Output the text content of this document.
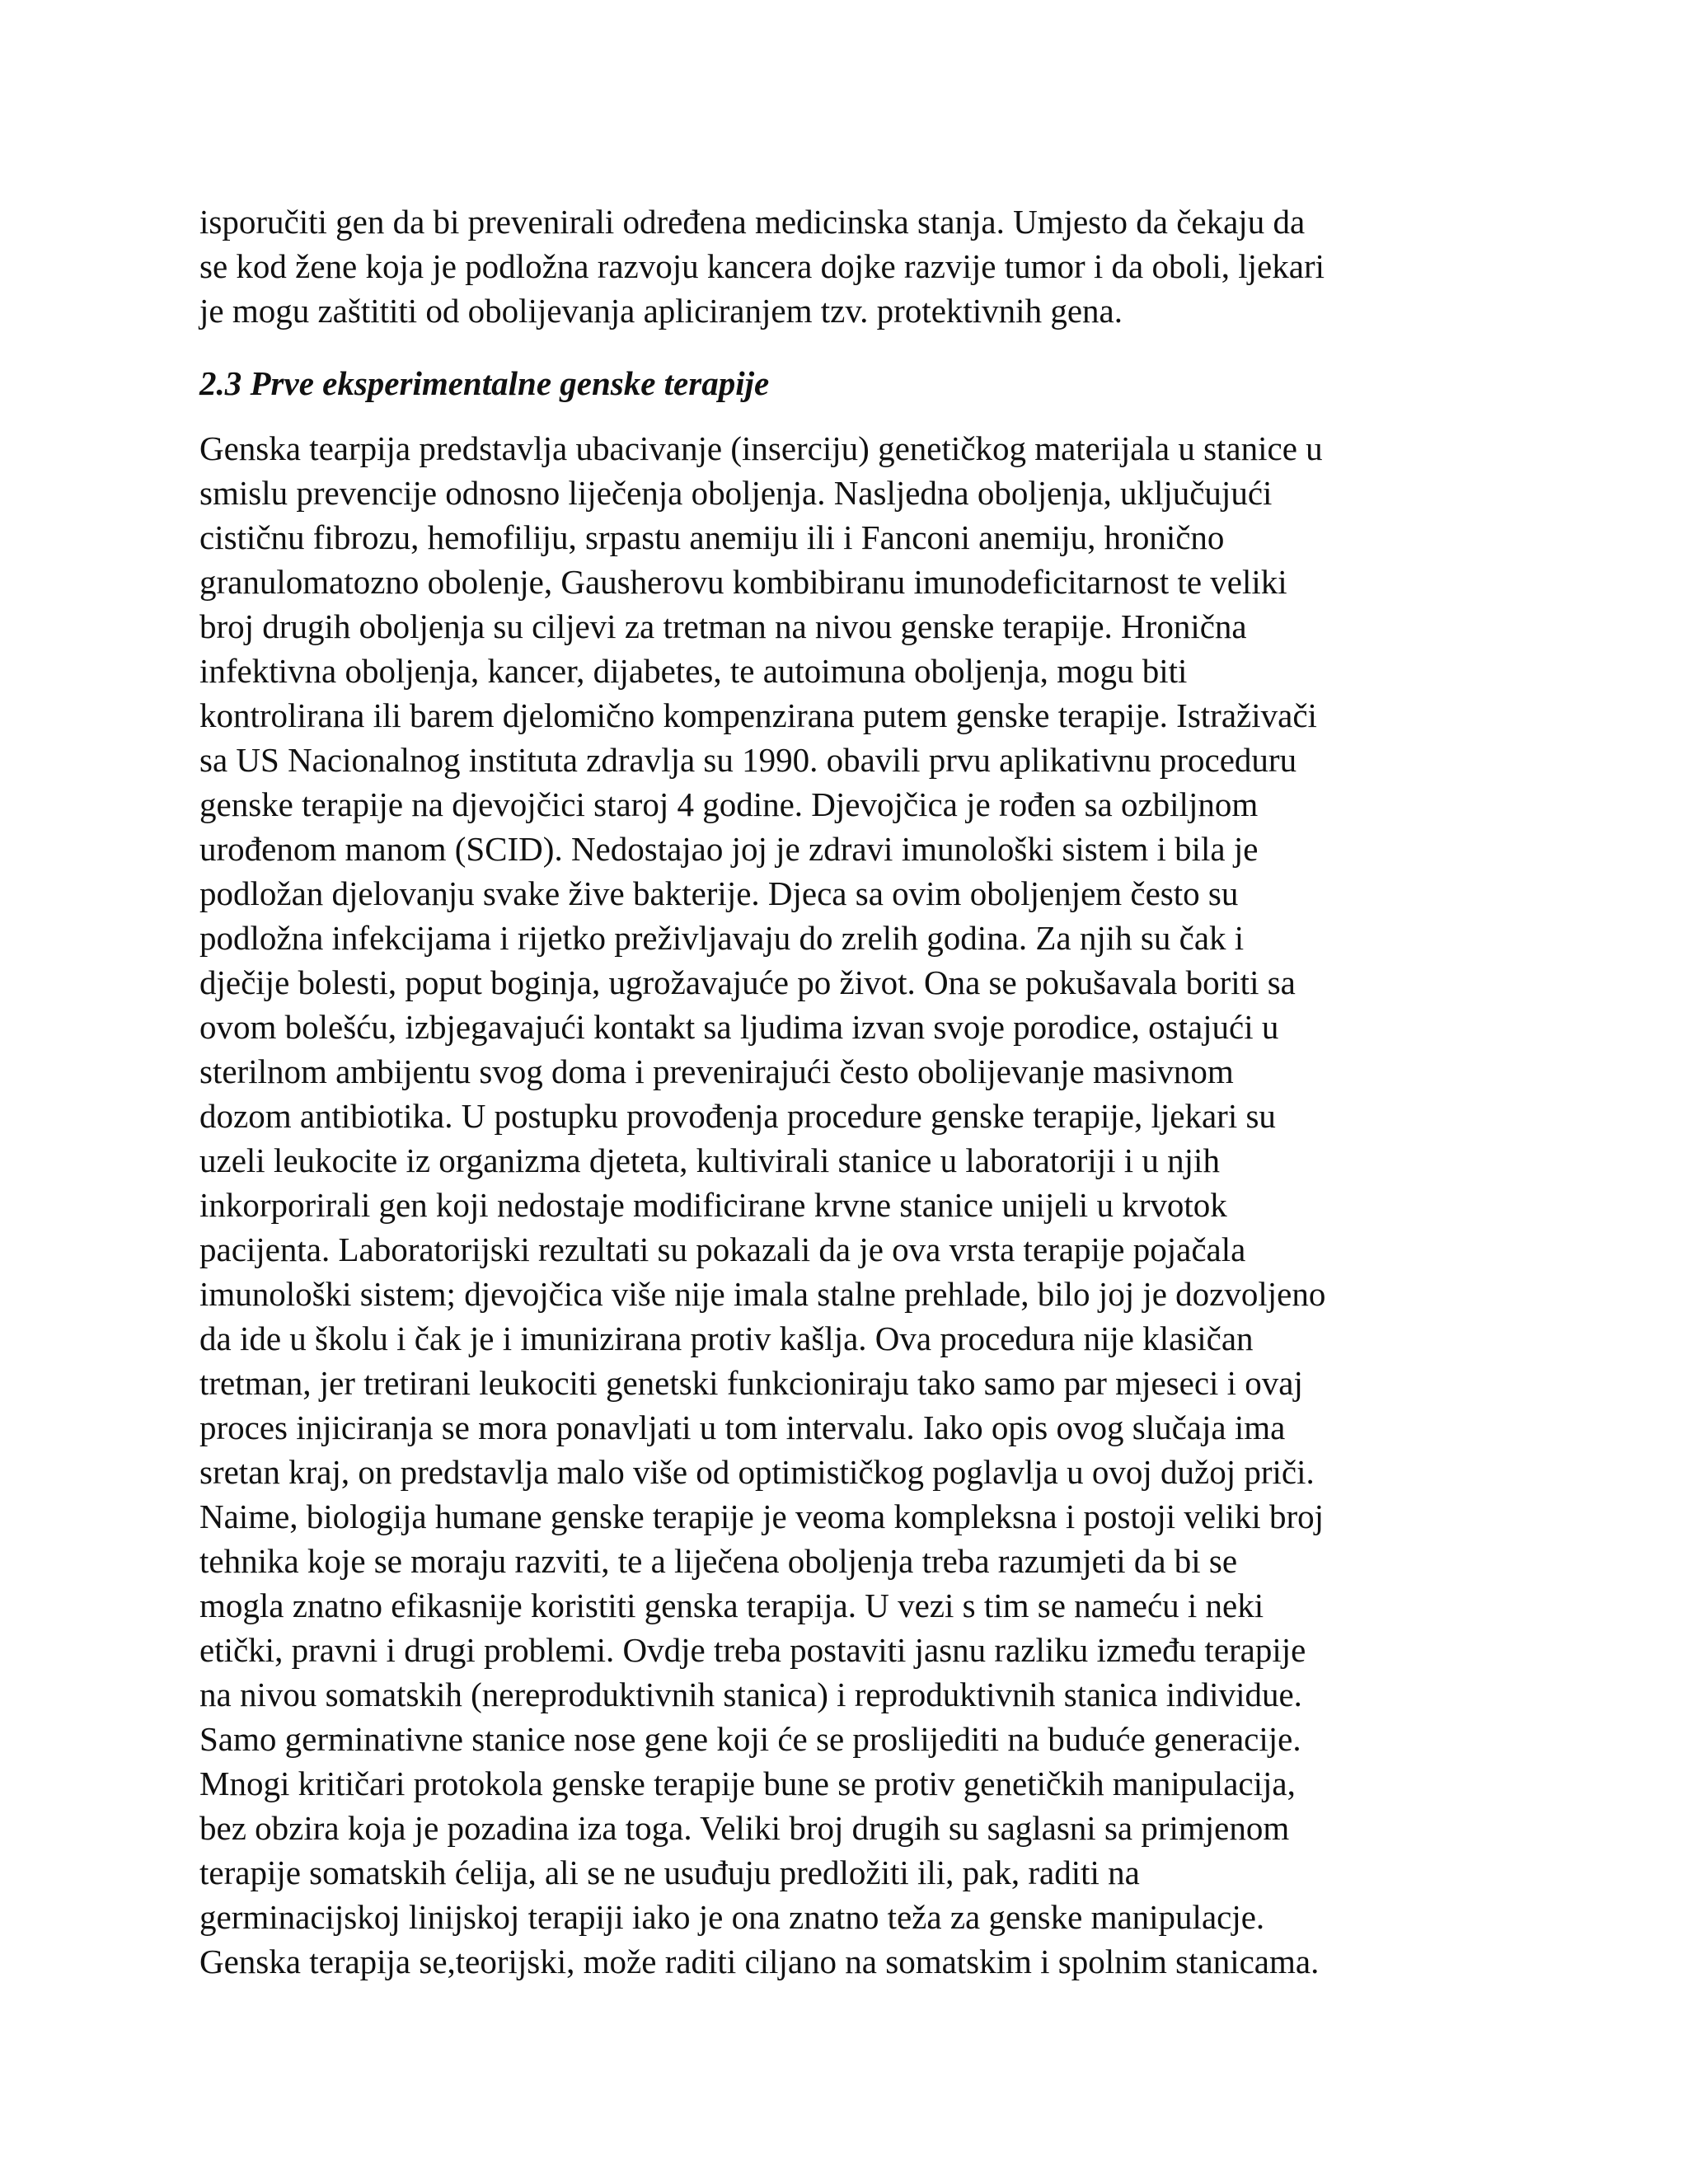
isporučiti gen da bi prevenirali određena medicinska stanja. Umjesto da čekaju da
se kod žene koja je podložna razvoju kancera dojke razvije tumor i da oboli, ljekari
je mogu zaštititi od obolijevanja apliciranjem tzv. protektivnih gena.

2.3 Prve eksperimentalne genske terapije

Genska tearpija predstavlja ubacivanje (inserciju) genetičkog materijala u stanice u
smislu prevencije odnosno liječenja oboljenja. Nasljedna oboljenja, uključujući
cističnu fibrozu, hemofiliju, srpastu anemiju ili i Fanconi anemiju, hronično
granulomatozno obolenje, Gausherovu kombibiranu imunodeficitarnost te veliki
broj drugih oboljenja su ciljevi za tretman na nivou genske terapije. Hronična
infektivna oboljenja, kancer, dijabetes, te autoimuna oboljenja, mogu biti
kontrolirana ili barem djelomično kompenzirana putem genske terapije. Istraživači
sa US Nacionalnog instituta zdravlja su 1990. obavili prvu aplikativnu proceduru
genske terapije na djevojčici staroj 4 godine. Djevojčica je rođen sa ozbiljnom
urođenom manom (SCID). Nedostajao joj je zdravi imunološki sistem i bila je
podložan djelovanju svake žive bakterije. Djeca sa ovim oboljenjem često su
podložna infekcijama i rijetko preživljavaju do zrelih godina. Za njih su čak i
dječije bolesti, poput boginja, ugrožavajuće po život. Ona se pokušavala boriti sa
ovom bolešću, izbjegavajući kontakt sa ljudima izvan svoje porodice, ostajući u
sterilnom ambijentu svog doma i prevenirajući često obolijevanje masivnom
dozom antibiotika. U postupku provođenja procedure genske terapije, ljekari su
uzeli leukocite iz organizma djeteta, kultivirali stanice u laboratoriji i u njih
inkorporirali gen koji nedostaje modificirane krvne stanice unijeli u krvotok
pacijenta. Laboratorijski rezultati su pokazali da je ova vrsta terapije pojačala
imunološki sistem; djevojčica više nije imala stalne prehlade, bilo joj je dozvoljeno
da ide u školu i čak je i imunizirana protiv kašlja. Ova procedura nije klasičan
tretman, jer tretirani leukociti genetski funkcioniraju tako samo par mjeseci i ovaj
proces injiciranja se mora ponavljati u tom intervalu. Iako opis ovog slučaja ima
sretan kraj, on predstavlja malo više od optimističkog poglavlja u ovoj dužoj priči.
Naime, biologija humane genske terapije je veoma kompleksna i postoji veliki broj
tehnika koje se moraju razviti, te a liječena oboljenja treba razumjeti da bi se
mogla znatno efikasnije koristiti genska terapija. U vezi s tim se nameću i neki
etički, pravni i drugi problemi. Ovdje treba postaviti jasnu razliku između terapije
na nivou somatskih (nereproduktivnih stanica) i reproduktivnih stanica individue.
Samo germinativne stanice nose gene koji će se proslijediti na buduće generacije.
Mnogi kritičari protokola genske terapije bune se protiv genetičkih manipulacija,
bez obzira koja je pozadina iza toga. Veliki broj drugih su saglasni sa primjenom
terapije somatskih ćelija, ali se ne usuđuju predložiti ili, pak, raditi na
germinacijskoj linijskoj terapiji iako je ona znatno teža za genske manipulacje.
Genska terapija se,teorijski, može raditi ciljano na somatskim i spolnim stanicama.
